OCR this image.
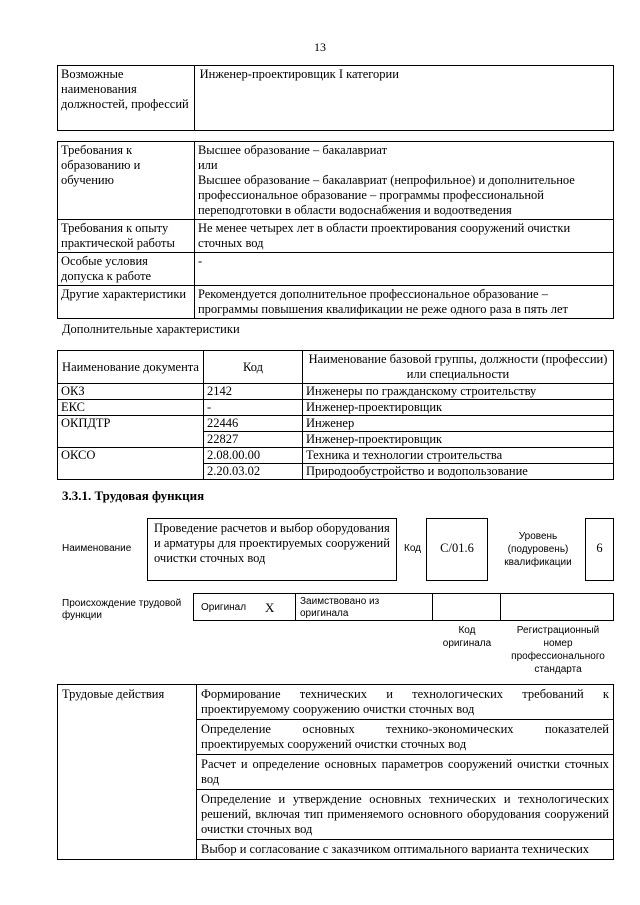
13
Возможные наименования должностей, профессий	Инженер-проектировщик I категории
Требования к образованию и обучению	Высшее образование – бакалавриат
или
Высшее образование – бакалавриат (непрофильное) и дополнительное профессиональное образование – программы профессиональной переподготовки в области водоснабжения и водоотведения
Требования к опыту практической работы	Не менее четырех лет в области проектирования сооружений очистки сточных вод
Особые условия допуска к работе	-
Другие характеристики	Рекомендуется дополнительное профессиональное образование – программы повышения квалификации не реже одного раза в пять лет
Дополнительные характеристики
Наименование документа	Код	Наименование базовой группы, должности (профессии) или специальности
ОКЗ	2142	Инженеры по гражданскому строительству
ЕКС	-	Инженер-проектировщик
ОКПДТР	22446	Инженер
	22827	Инженер-проектировщик
ОКСО	2.08.00.00	Техника и технологии строительства
	2.20.03.02	Природообустройство и водопользование
3.3.1. Трудовая функция
Наименование
Проведение расчетов и выбор оборудования и арматуры для проектируемых сооружений очистки сточных вод
Код	C/01.6
Уровень (подуровень) квалификации
6
Происхождение трудовой функции
Оригинал X	Заимствовано из оригинала
Код оригинала
Регистрационный номер профессионального стандарта
Трудовые действия	Формирование технических и технологических требований к проектируемому сооружению очистки сточных вод
Определение основных технико-экономических показателей проектируемых сооружений очистки сточных вод
Расчет и определение основных параметров сооружений очистки сточных вод
Определение и утверждение основных технических и технологических решений, включая тип применяемого основного оборудования сооружений очистки сточных вод
Выбор и согласование с заказчиком оптимального варианта технических
